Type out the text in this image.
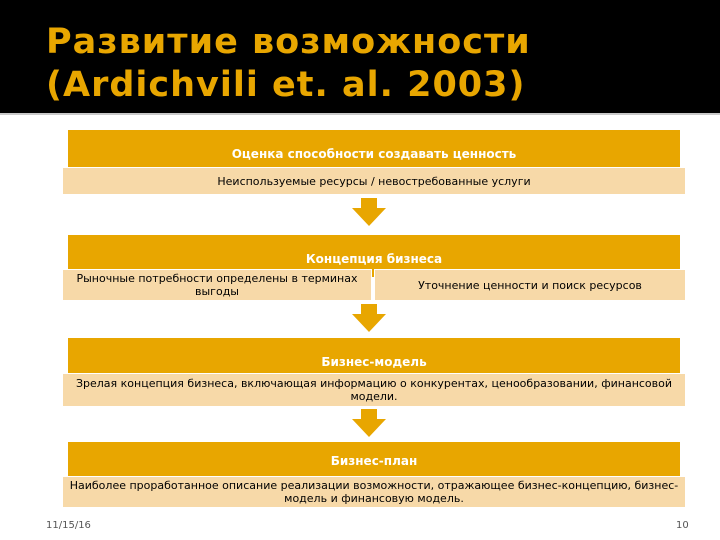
Развитие возможности
(Ardichvili et. al. 2003)
Оценка способности создавать ценность
Неиспользуемые ресурсы / невостребованные услуги
Концепция бизнеса
Рыночные потребности определены в терминах выгоды	Уточнение ценности и поиск ресурсов
Бизнес-модель
Зрелая концепция бизнеса, включающая информацию о конкурентах, ценообразовании, финансовой модели.
Бизнес-план
Наиболее проработанное описание реализации возможности, отражающее бизнес-концепцию, бизнес-модель и финансовую модель.
11/15/16	10
